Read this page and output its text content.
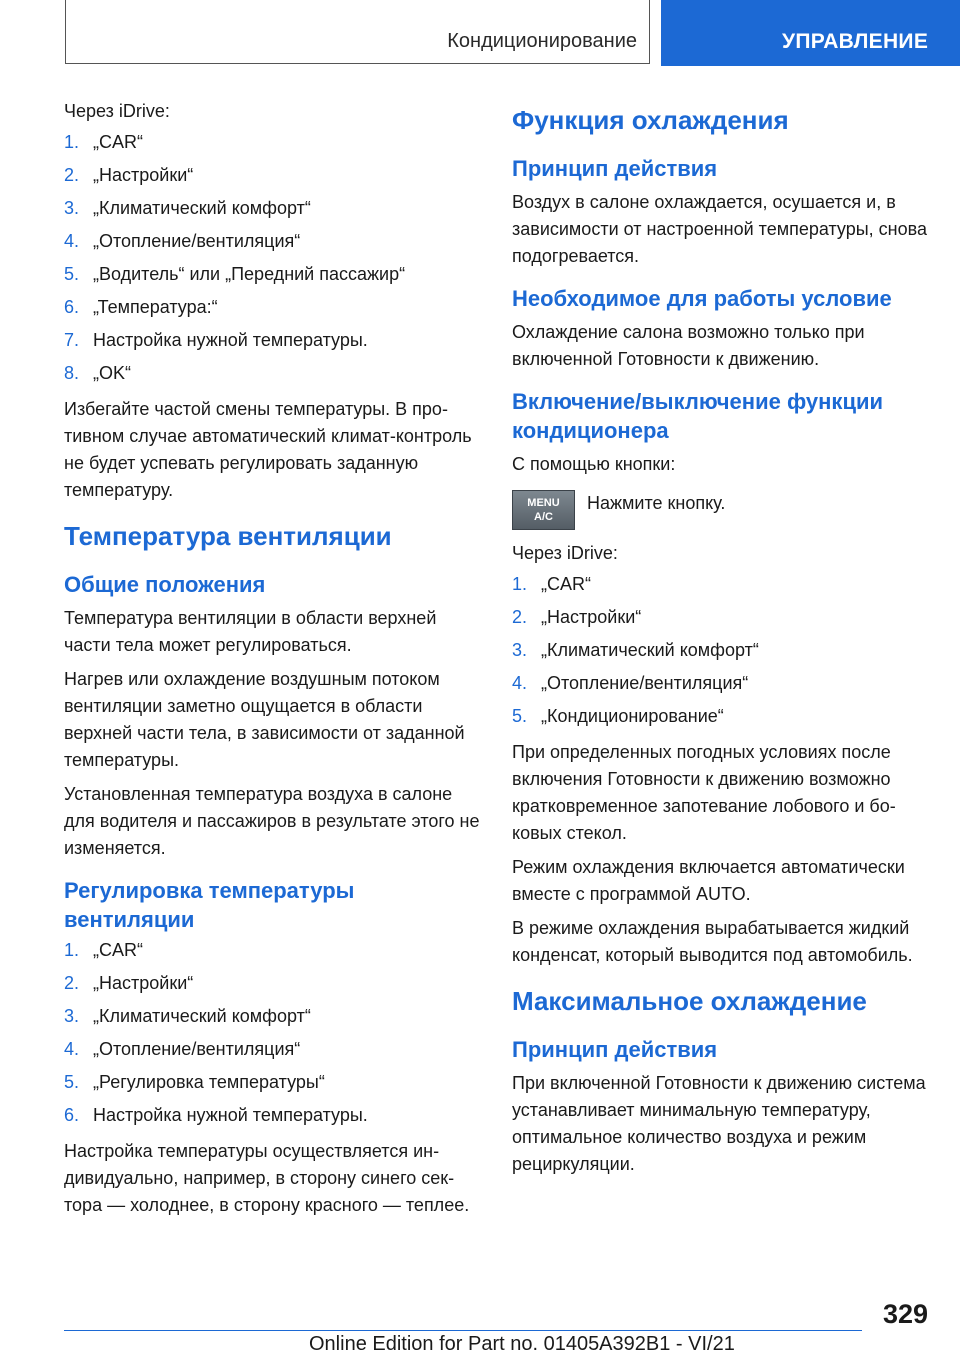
Кондиционирование	УПРАВЛЕНИЕ

Через iDrive:

1. „CAR“
2. „Настройки“
3. „Климатический комфорт“
4. „Отопление/вентиляция“
5. „Водитель“ или „Передний пассажир“
6. „Температура:“
7. Настройка нужной температуры.
8. „OK“

Избегайте частой смены температуры. В противном случае автоматический климат-контроль не будет успевать регулировать заданную температуру.

Температура вентиляции
Общие положения

Температура вентиляции в области верхней части тела может регулироваться.

Нагрев или охлаждение воздушным потоком вентиляции заметно ощущается в области верхней части тела, в зависимости от заданной температуры.

Установленная температура воздуха в салоне для водителя и пассажиров в результате этого не изменяется.

Регулировка температуры вентиляции
1. „CAR“
2. „Настройки“
3. „Климатический комфорт“
4. „Отопление/вентиляция“
5. „Регулировка температуры“
6. Настройка нужной температуры.

Настройка температуры осуществляется индивидуально, например, в сторону синего сектора — холоднее, в сторону красного — теплее.

Функция охлаждения
Принцип действия

Воздух в салоне охлаждается, осушается и, в зависимости от настроенной температуры, снова подогревается.

Необходимое для работы условие

Охлаждение салона возможно только при включенной Готовности к движению.

Включение/выключение функции кондиционера

С помощью кнопки:

MENU
A/C
Нажмите кнопку.

Через iDrive:

1. „CAR“
2. „Настройки“
3. „Климатический комфорт“
4. „Отопление/вентиляция“
5. „Кондиционирование“

При определенных погодных условиях после включения Готовности к движению возможно кратковременное запотевание лобового и боковых стекол.

Режим охлаждения включается автоматически вместе с программой AUTO.

В режиме охлаждения вырабатывается жидкий конденсат, который выводится под автомобиль.

Максимальное охлаждение
Принцип действия

При включенной Готовности к движению система устанавливает минимальную температуру, оптимальное количество воздуха и режим рециркуляции.

329
Online Edition for Part no. 01405A392B1 - VI/21
